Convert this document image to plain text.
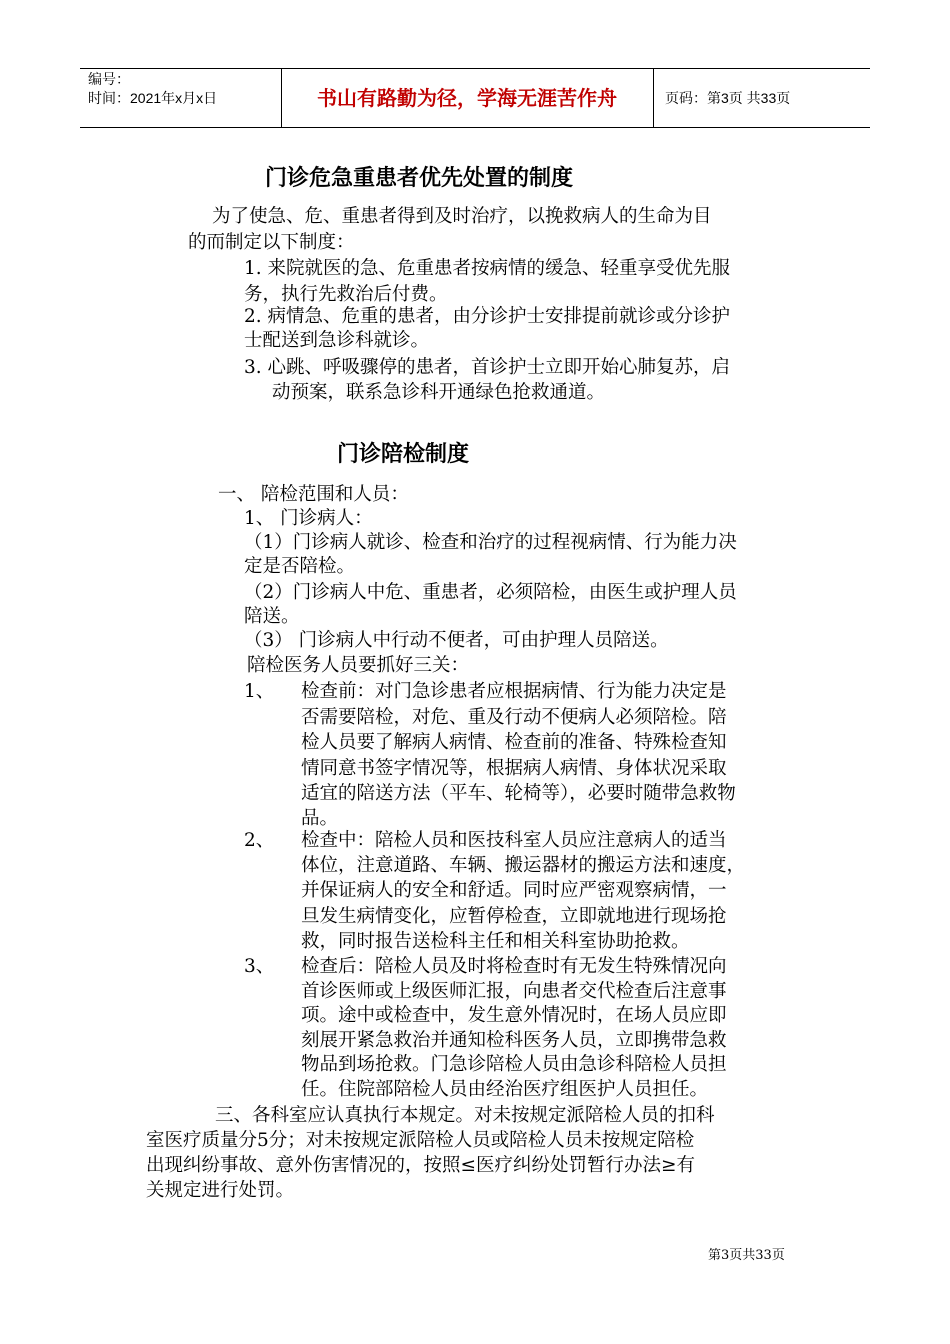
编号：
时间：2021年x月x日	书山有路勤为径，学海无涯苦作舟	页码：第3页 共33页
门诊危急重患者优先处置的制度
为了使急、危、重患者得到及时治疗，以挽救病人的生命为目
的而制定以下制度：
1. 来院就医的急、危重患者按病情的缓急、轻重享受优先服
务，执行先救治后付费。
2. 病情急、危重的患者，由分诊护士安排提前就诊或分诊护
士配送到急诊科就诊。
3. 心跳、呼吸骤停的患者，首诊护士立即开始心肺复苏，启
动预案，联系急诊科开通绿色抢救通道。
门诊陪检制度
一、 陪检范围和人员：
1、 门诊病人：
（1）门诊病人就诊、检查和治疗的过程视病情、行为能力决
定是否陪检。
（2）门诊病人中危、重患者，必须陪检，由医生或护理人员
陪送。
（3） 门诊病人中行动不便者，可由护理人员陪送。
陪检医务人员要抓好三关：
1、 检查前：对门急诊患者应根据病情、行为能力决定是
否需要陪检，对危、重及行动不便病人必须陪检。陪
检人员要了解病人病情、检查前的准备、特殊检查知
情同意书签字情况等，根据病人病情、身体状况采取
适宜的陪送方法（平车、轮椅等），必要时随带急救物
品。
2、 检查中：陪检人员和医技科室人员应注意病人的适当
体位，注意道路、车辆、搬运器材的搬运方法和速度，
并保证病人的安全和舒适。同时应严密观察病情，一
旦发生病情变化，应暂停检查，立即就地进行现场抢
救，同时报告送检科主任和相关科室协助抢救。
3、 检查后：陪检人员及时将检查时有无发生特殊情况向
首诊医师或上级医师汇报，向患者交代检查后注意事
项。途中或检查中，发生意外情况时，在场人员应即
刻展开紧急救治并通知检科医务人员，立即携带急救
物品到场抢救。门急诊陪检人员由急诊科陪检人员担
任。住院部陪检人员由经治医疗组医护人员担任。
三、各科室应认真执行本规定。对未按规定派陪检人员的扣科
室医疗质量分5分；对未按规定派陪检人员或陪检人员未按规定陪检
出现纠纷事故、意外伤害情况的，按照≤医疗纠纷处罚暂行办法≥有
关规定进行处罚。
第3页共33页
